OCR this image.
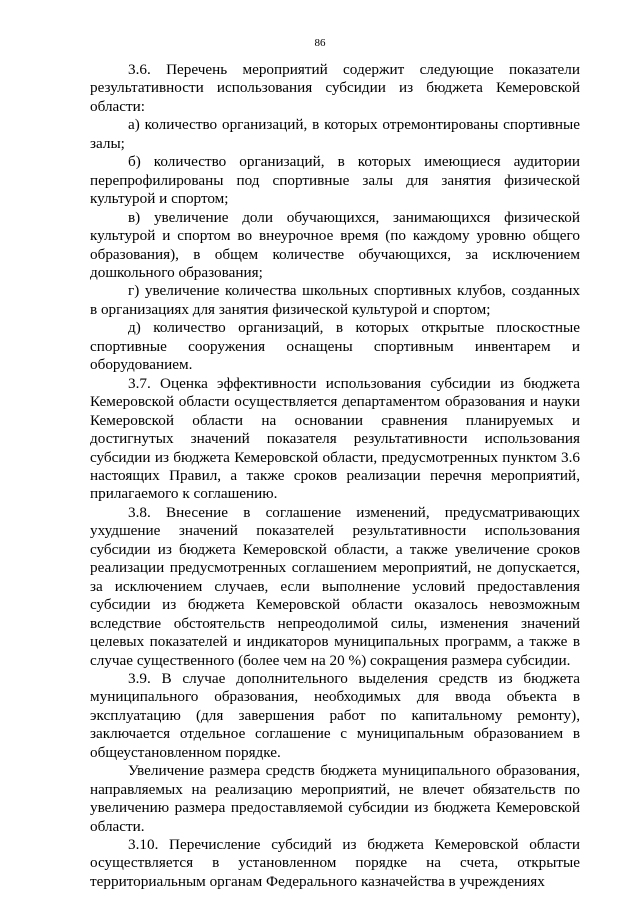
86

3.6. Перечень мероприятий содержит следующие показатели результативности использования субсидии из бюджета Кемеровской области:

а) количество организаций, в которых отремонтированы спортивные залы;

б) количество организаций, в которых имеющиеся аудитории перепрофилированы под спортивные залы для занятия физической культурой и спортом;

в) увеличение доли обучающихся, занимающихся физической культурой и спортом во внеурочное время (по каждому уровню общего образования), в общем количестве обучающихся, за исключением дошкольного образования;

г) увеличение количества школьных спортивных клубов, созданных в организациях для занятия физической культурой и спортом;

д) количество организаций, в которых открытые плоскостные спортивные сооружения оснащены спортивным инвентарем и оборудованием.

3.7. Оценка эффективности использования субсидии из бюджета Кемеровской области осуществляется департаментом образования и науки Кемеровской области на основании сравнения планируемых и достигнутых значений показателя результативности использования субсидии из бюджета Кемеровской области, предусмотренных пунктом 3.6 настоящих Правил, а также сроков реализации перечня мероприятий, прилагаемого к соглашению.

3.8. Внесение в соглашение изменений, предусматривающих ухудшение значений показателей результативности использования субсидии из бюджета Кемеровской области, а также увеличение сроков реализации предусмотренных соглашением мероприятий, не допускается, за исключением случаев, если выполнение условий предоставления субсидии из бюджета Кемеровской области оказалось невозможным вследствие обстоятельств непреодолимой силы, изменения значений целевых показателей и индикаторов муниципальных программ, а также в случае существенного (более чем на 20 %) сокращения размера субсидии.

3.9. В случае дополнительного выделения средств из бюджета муниципального образования, необходимых для ввода объекта в эксплуатацию (для завершения работ по капитальному ремонту), заключается отдельное соглашение с муниципальным образованием в общеустановленном порядке.

Увеличение размера средств бюджета муниципального образования, направляемых на реализацию мероприятий, не влечет обязательств по увеличению размера предоставляемой субсидии из бюджета Кемеровской области.

3.10. Перечисление субсидий из бюджета Кемеровской области осуществляется в установленном порядке на счета, открытые территориальным органам Федерального казначейства в учреждениях
